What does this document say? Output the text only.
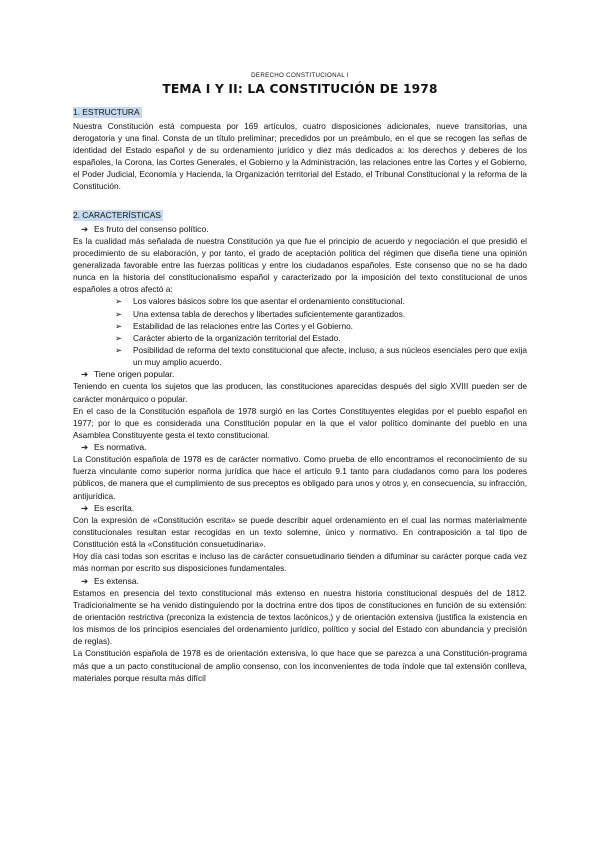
DERECHO CONSTITUCIONAL I
TEMA I Y II: LA CONSTITUCIÓN DE 1978
1. ESTRUCTURA

Nuestra Constitución está compuesta por 169 artículos, cuatro disposiciones adicionales, nueve transitorias, una derogatoria y una final. Consta de un título preliminar; precedidos por un preámbulo, en el que se recogen las señas de identidad del Estado español y de su ordenamiento jurídico y diez más dedicados a: los derechos y deberes de los españoles, la Corona, las Cortes Generales, el Gobierno y la Administración, las relaciones entre las Cortes y el Gobierno, el Poder Judicial, Economía y Hacienda, la Organización territorial del Estado, el Tribunal Constitucional y la reforma de la Constitución.

2. CARACTERÍSTICAS
➔ Es fruto del consenso político.

Es la cualidad más señalada de nuestra Constitución ya que fue el principio de acuerdo y negociación el que presidió el procedimiento de su elaboración, y por tanto, el grado de aceptación política del régimen que diseña tiene una opinión generalizada favorable entre las fuerzas políticas y entre los ciudadanos españoles. Este consenso que no se ha dado nunca en la historia del constitucionalismo español y caracterizado por la imposición del texto constitucional de unos españoles a otros afectó a:

➢ Los valores básicos sobre los que asentar el ordenamiento constitucional.
➢ Una extensa tabla de derechos y libertades suficientemente garantizados.
➢ Estabilidad de las relaciones entre las Cortes y el Gobierno.
➢ Carácter abierto de la organización territorial del Estado.
➢ Posibilidad de reforma del texto constitucional que afecte, incluso, a sus núcleos esenciales pero que exija un muy amplio acuerdo.
➔ Tiene origen popular.

Teniendo en cuenta los sujetos que las producen, las constituciones aparecidas después del siglo XVIII pueden ser de carácter monárquico o popular.

En el caso de la Constitución española de 1978 surgió en las Cortes Constituyentes elegidas por el pueblo español en 1977; por lo que es considerada una Constitución popular en la que el valor político dominante del pueblo en una Asamblea Constituyente gesta el texto constitucional.

➔ Es normativa.

La Constitución española de 1978 es de carácter normativo. Como prueba de ello encontramos el reconocimiento de su fuerza vinculante como superior norma jurídica que hace el artículo 9.1 tanto para ciudadanos como para los poderes públicos, de manera que el cumplimiento de sus preceptos es obligado para unos y otros y, en consecuencia, su infracción, antijurídica.

➔ Es escrita.

Con la expresión de «Constitución escrita» se puede describir aquel ordenamiento en el cual las normas materialmente constitucionales resultan estar recogidas en un texto solemne, único y normativo. En contraposición a tal tipo de Constitución está la «Constitución consuetudinaria».

Hoy día casi todas son escritas e incluso las de carácter consuetudinario tienden a difuminar su carácter porque cada vez más norman por escrito sus disposiciones fundamentales.

➔ Es extensa.

Estamos en presencia del texto constitucional más extenso en nuestra historia constitucional después del de 1812. Tradicionalmente se ha venido distinguiendo por la doctrina entre dos tipos de constituciones en función de su extensión: de orientación restrictiva (preconiza la existencia de textos lacónicos,) y de orientación extensiva (justifica la existencia en los mismos de los principios esenciales del ordenamiento jurídico, político y social del Estado con abundancia y precisión de reglas).

La Constitución española de 1978 es de orientación extensiva, lo que hace que se parezca a una Constitución-programa más que a un pacto constitucional de amplio consenso, con los inconvenientes de toda índole que tal extensión conlleva, materiales porque resulta más difícil
